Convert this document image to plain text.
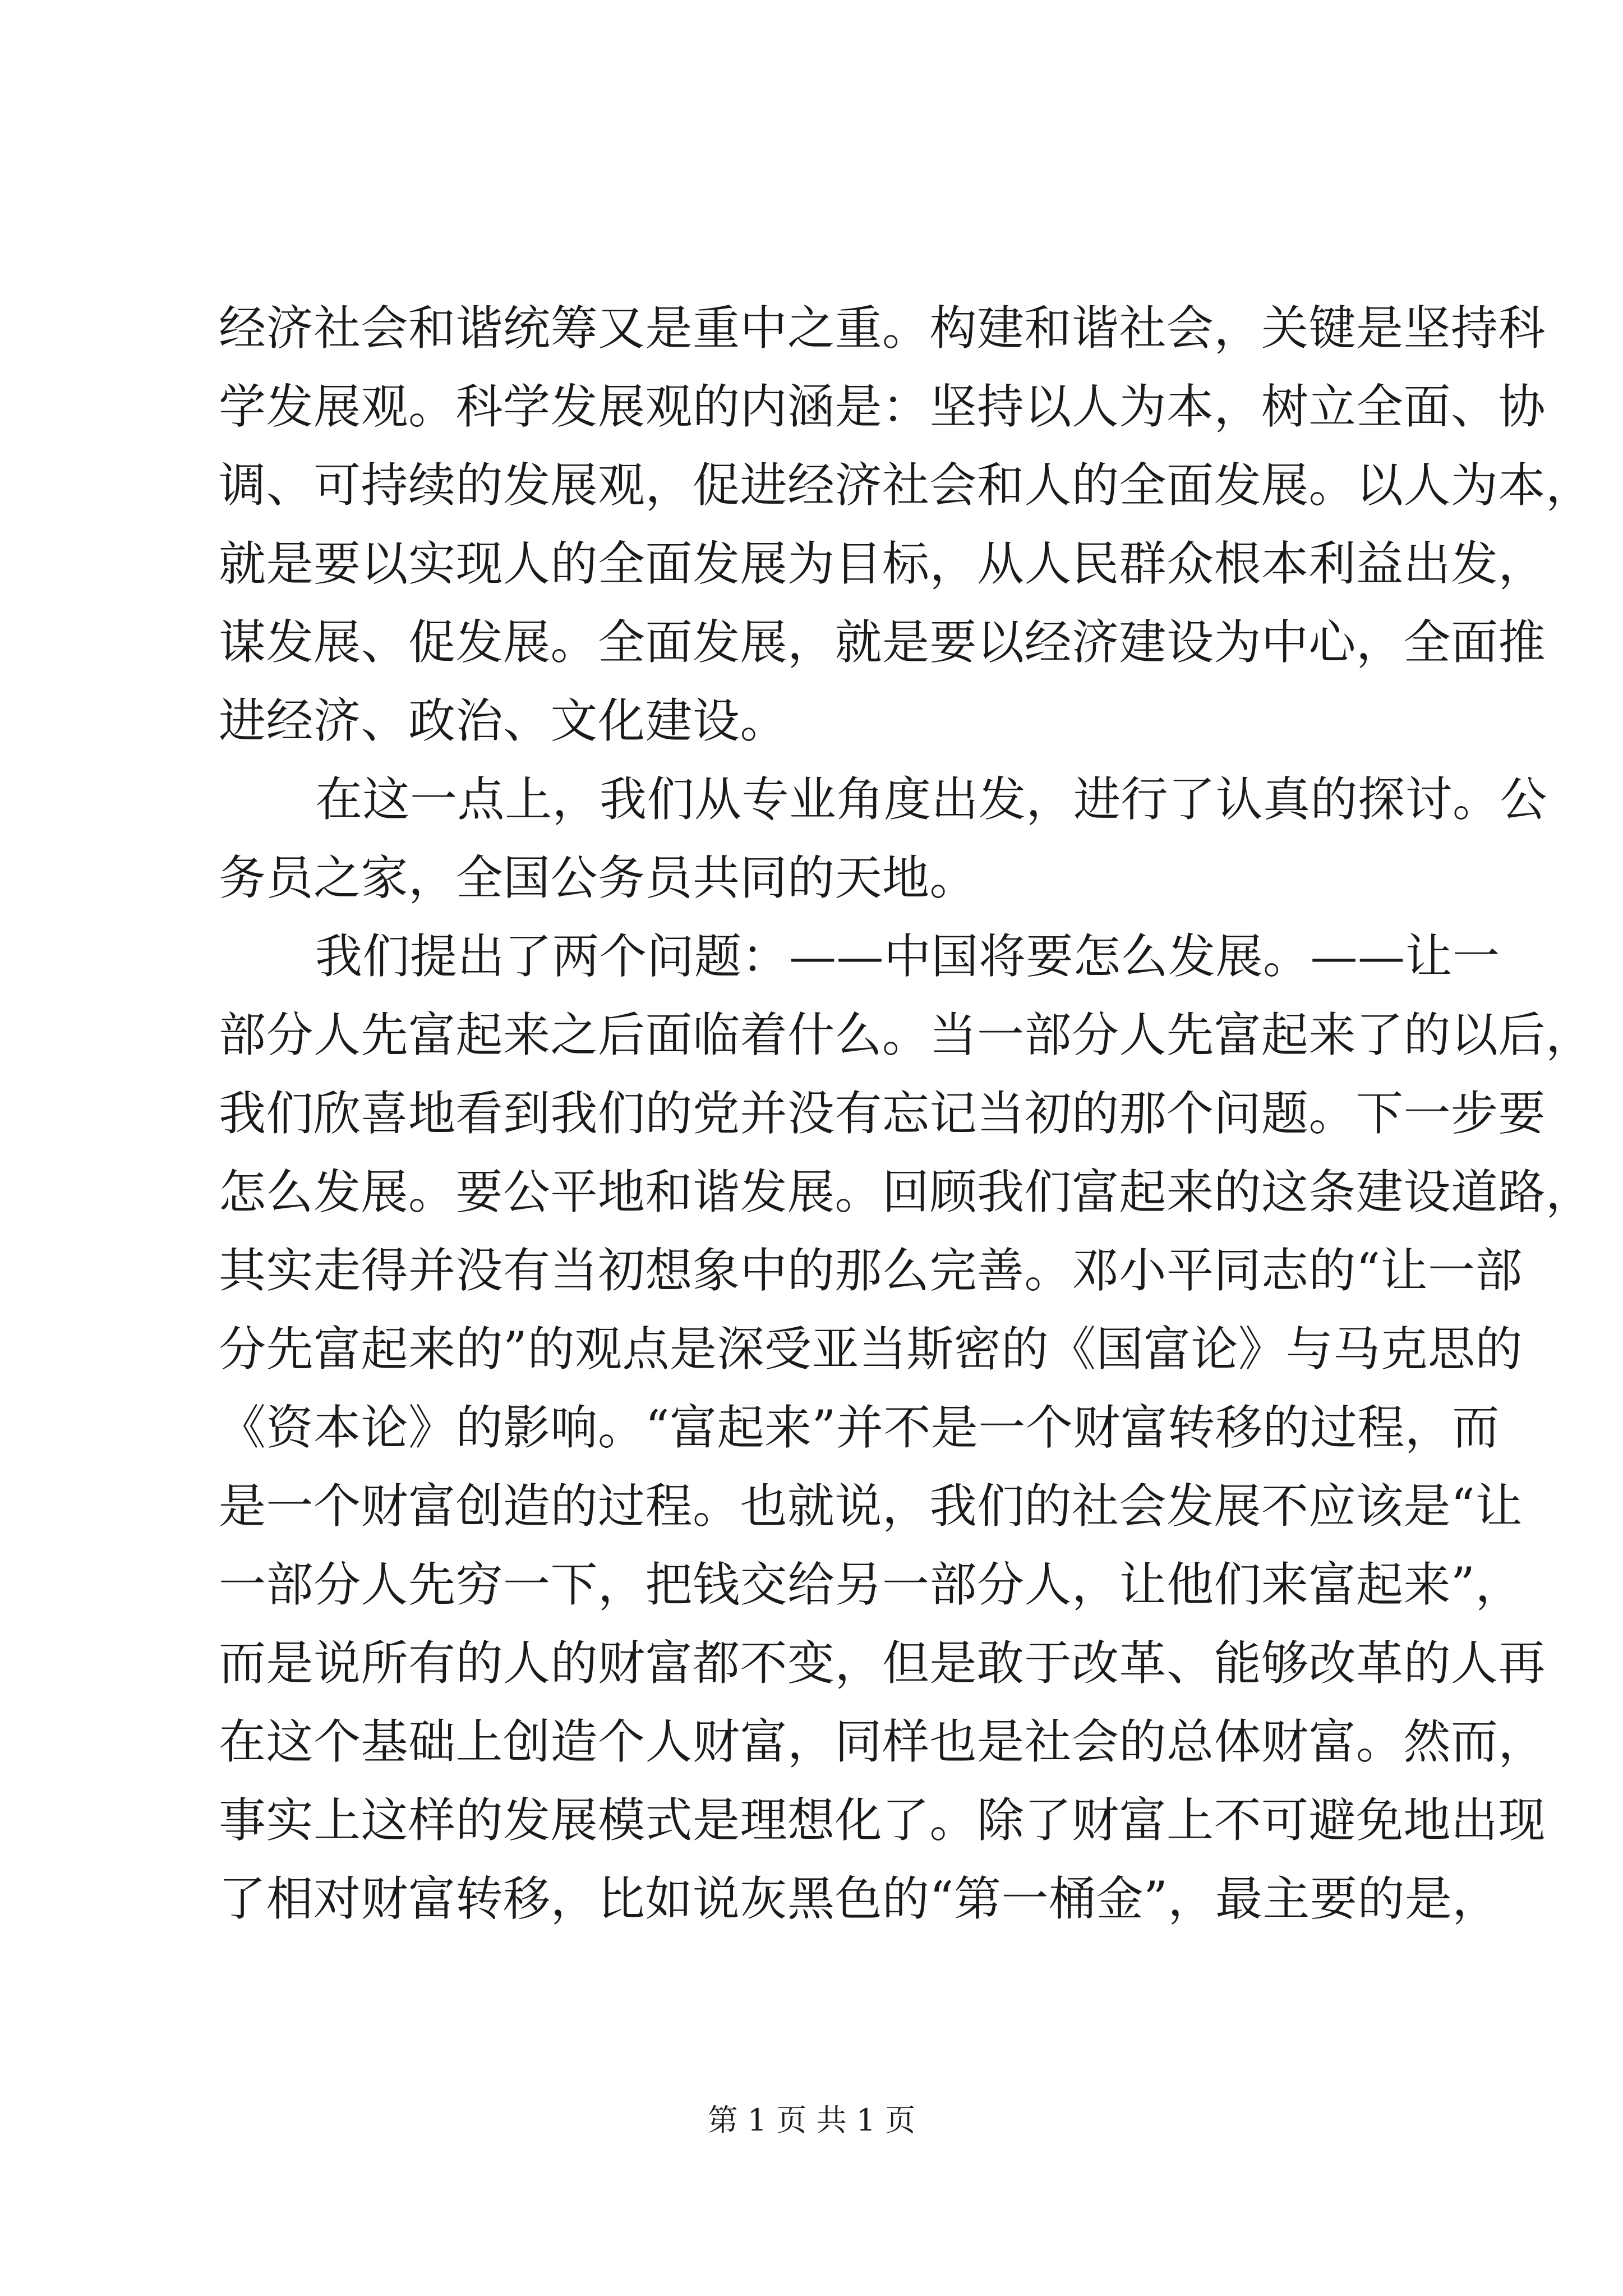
经济社会和谐统筹又是重中之重。构建和谐社会，关键是坚持科
学发展观。科学发展观的内涵是：坚持以人为本，树立全面、协
调、可持续的发展观，促进经济社会和人的全面发展。以人为本，
就是要以实现人的全面发展为目标，从人民群众根本利益出发，
谋发展、促发展。全面发展，就是要以经济建设为中心，全面推
进经济、政治、文化建设。
在这一点上，我们从专业角度出发，进行了认真的探讨。公
务员之家，全国公务员共同的天地。
我们提出了两个问题：——中国将要怎么发展。——让一
部分人先富起来之后面临着什么。当一部分人先富起来了的以后，
我们欣喜地看到我们的党并没有忘记当初的那个问题。下一步要
怎么发展。要公平地和谐发展。回顾我们富起来的这条建设道路，
其实走得并没有当初想象中的那么完善。邓小平同志的“让一部
分先富起来的”的观点是深受亚当斯密的《国富论》与马克思的
《资本论》的影响。“富起来”并不是一个财富转移的过程，而
是一个财富创造的过程。也就说，我们的社会发展不应该是“让
一部分人先穷一下，把钱交给另一部分人，让他们来富起来”，
而是说所有的人的财富都不变，但是敢于改革、能够改革的人再
在这个基础上创造个人财富，同样也是社会的总体财富。然而，
事实上这样的发展模式是理想化了。除了财富上不可避免地出现
了相对财富转移，比如说灰黑色的“第一桶金”，最主要的是，
第 1 页 共 1 页
